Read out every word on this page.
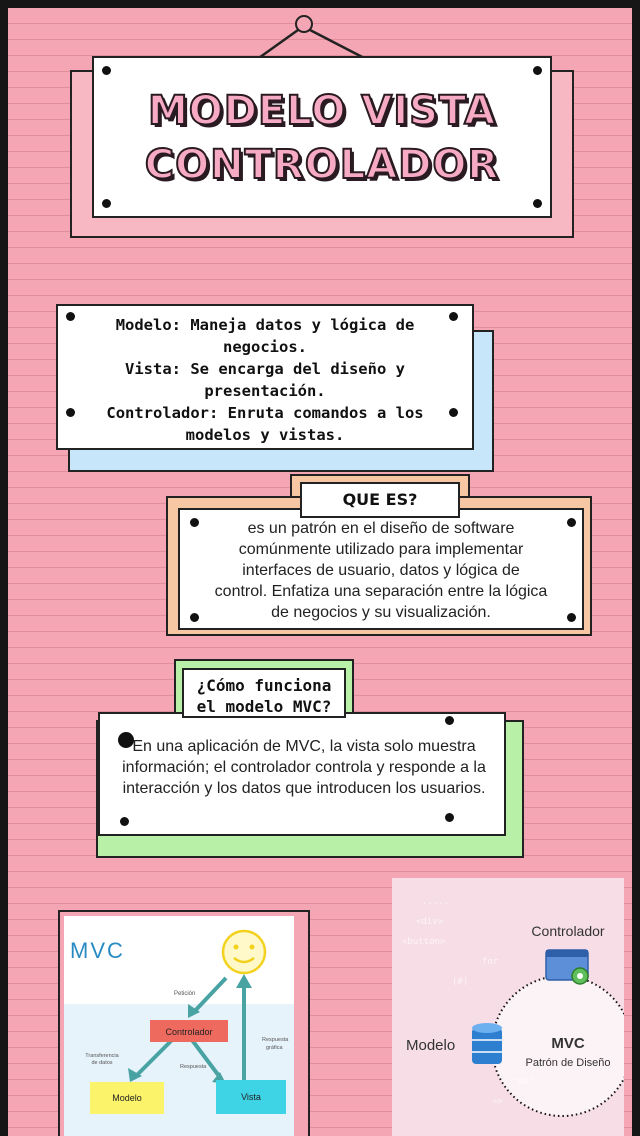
MODELO VISTA
CONTROLADOR
Modelo: Maneja datos y lógica de negocios.
Vista: Se encarga del diseño y presentación.
Controlador: Enruta comandos a los modelos y vistas.
es un patrón en el diseño de software comúnmente utilizado para implementar interfaces de usuario, datos y lógica de control. Enfatiza una separación entre la lógica de negocios y su visualización.
QUE ES?
En una aplicación de MVC, la vista solo muestra información; el controlador controla y responde a la interacción y los datos que introducen los usuarios.
¿Cómo funciona
el modelo MVC?
MVC
Petición
Controlador
Transferencia
de datos
Respuesta
Respuesta
gráfica
Modelo	Vista
.....
<div>
<button>
for
(#)
=>
Controlador
Modelo	MVC
Patrón de Diseño
